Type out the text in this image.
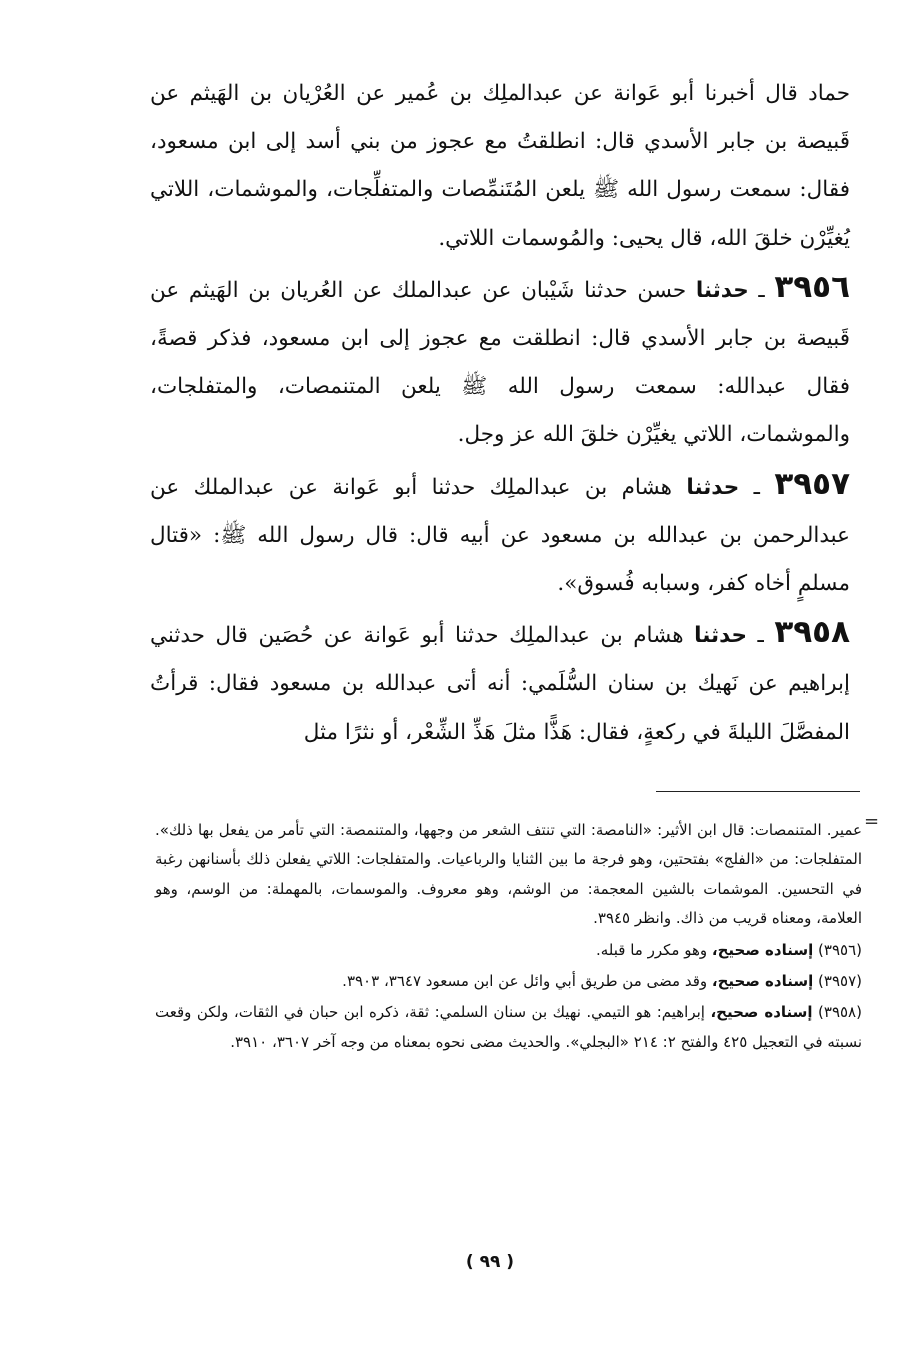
حماد قال أخبرنا أبو عَوانة عن عبدالملِك بن عُمير عن العُرْيان بن الهَيثم عن قَبيصة بن جابر الأسدي قال: انطلقتُ مع عجوز من بني أسد إلى ابن مسعود، فقال: سمعت رسول الله ﷺ يلعن المُتَنمِّصات والمتفلِّجات، والموشمات، اللاتي يُغيِّرْن خلقَ الله، قال يحيى: والمُوسمات اللاتي.

٣٩٥٦ ـ حدثنا حسن حدثنا شَيْبان عن عبدالملك عن العُريان بن الهَيثم عن قَبيصة بن جابر الأسدي قال: انطلقت مع عجوز إلى ابن مسعود، فذكر قصةً، فقال عبدالله: سمعت رسول الله ﷺ يلعن المتنمصات، والمتفلجات، والموشمات، اللاتي يغيِّرْن خلقَ الله عز وجل.

٣٩٥٧ ـ حدثنا هشام بن عبدالملِك حدثنا أبو عَوانة عن عبدالملك عن عبدالرحمن بن عبدالله بن مسعود عن أبيه قال: قال رسول الله ﷺ: «قتال مسلمٍ أخاه كفر، وسبابه فُسوق».

٣٩٥٨ ـ حدثنا هشام بن عبدالملِك حدثنا أبو عَوانة عن حُصَين قال حدثني إبراهيم عن نَهيك بن سنان السُّلَمي: أنه أتى عبدالله بن مسعود فقال: قرأتُ المفصَّلَ الليلةَ في ركعةٍ، فقال: هَذًّا مثلَ هَذِّ الشِّعْر، أو نثرًا مثل

=

عمير. المتنمصات: قال ابن الأثير: «النامصة: التي تنتف الشعر من وجهها، والمتنمصة: التي تأمر من يفعل بها ذلك». المتفلجات: من «الفلج» بفتحتين، وهو فرجة ما بين الثنايا والرباعيات. والمتفلجات: اللاتي يفعلن ذلك بأسنانهن رغبة في التحسين. الموشمات بالشين المعجمة: من الوشم، وهو معروف. والموسمات، بالمهملة: من الوسم، وهو العلامة، ومعناه قريب من ذاك. وانظر ٣٩٤٥.

(٣٩٥٦) إسناده صحيح، وهو مكرر ما قبله.

(٣٩٥٧) إسناده صحيح، وقد مضى من طريق أبي وائل عن ابن مسعود ٣٦٤٧، ٣٩٠٣.

(٣٩٥٨) إسناده صحيح، إبراهيم: هو التيمي. نهيك بن سنان السلمي: ثقة، ذكره ابن حبان في الثقات، ولكن وقعت نسبته في التعجيل ٤٢٥ والفتح ٢: ٢١٤ «البجلي». والحديث مضى نحوه بمعناه من وجه آخر ٣٦٠٧، ٣٩١٠.

( ٩٩ )
